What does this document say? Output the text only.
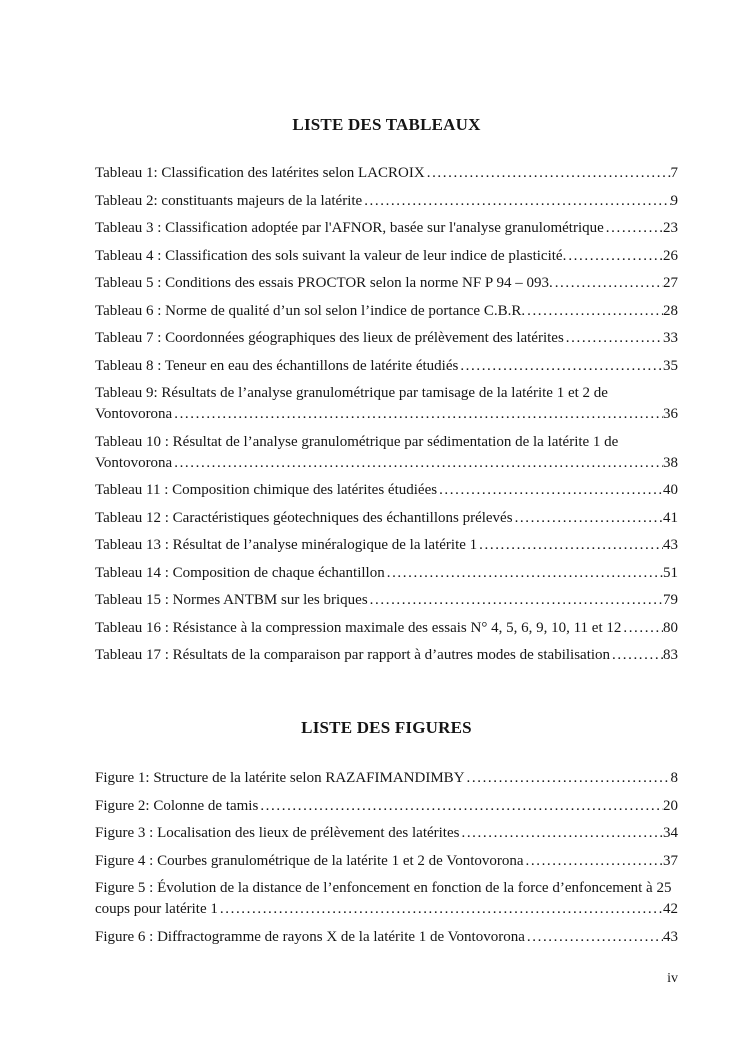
LISTE DES TABLEAUX
Tableau 1: Classification des latérites selon LACROIX .....	7
Tableau 2: constituants majeurs de la latérite .....	9
Tableau 3 : Classification adoptée par l'AFNOR, basée sur l'analyse granulométrique .....	23
Tableau 4 : Classification des sols suivant la valeur de leur indice de plasticité. .....	26
Tableau 5 : Conditions des essais PROCTOR selon la norme NF P 94 – 093. .....	27
Tableau 6 : Norme de qualité d’un sol selon l’indice de portance C.B.R. .....	28
Tableau 7 : Coordonnées géographiques des lieux de prélèvement des latérites .....	33
Tableau 8 : Teneur en eau des échantillons de latérite étudiés .....	35
Tableau 9: Résultats de l’analyse granulométrique par tamisage de la latérite 1 et 2 de
Vontovorona .....	36
Tableau 10 : Résultat de l’analyse granulométrique par sédimentation de la latérite 1 de
Vontovorona .....	38
Tableau 11 : Composition chimique des latérites étudiées .....	40
Tableau 12 : Caractéristiques géotechniques des échantillons prélevés .....	41
Tableau 13 : Résultat de l’analyse minéralogique de la latérite 1 .....	43
Tableau 14 : Composition de chaque échantillon .....	51
Tableau 15 : Normes ANTBM sur les briques .....	79
Tableau 16 : Résistance à la compression maximale des essais N° 4, 5, 6, 9, 10, 11 et 12 .....	80
Tableau 17 : Résultats de la comparaison par rapport à d’autres modes de stabilisation .....	83
LISTE DES FIGURES
Figure 1: Structure de la latérite selon RAZAFIMANDIMBY .....	8
Figure 2: Colonne de tamis .....	20
Figure 3 : Localisation des lieux de prélèvement des latérites .....	34
Figure 4 : Courbes granulométrique de la latérite 1 et 2 de Vontovorona .....	37
Figure 5 : Évolution de la distance de l’enfoncement en fonction de la force d’enfoncement à 25
coups pour latérite 1 .....	42
Figure 6 : Diffractogramme de rayons X de la latérite 1 de Vontovorona .....	43
iv
